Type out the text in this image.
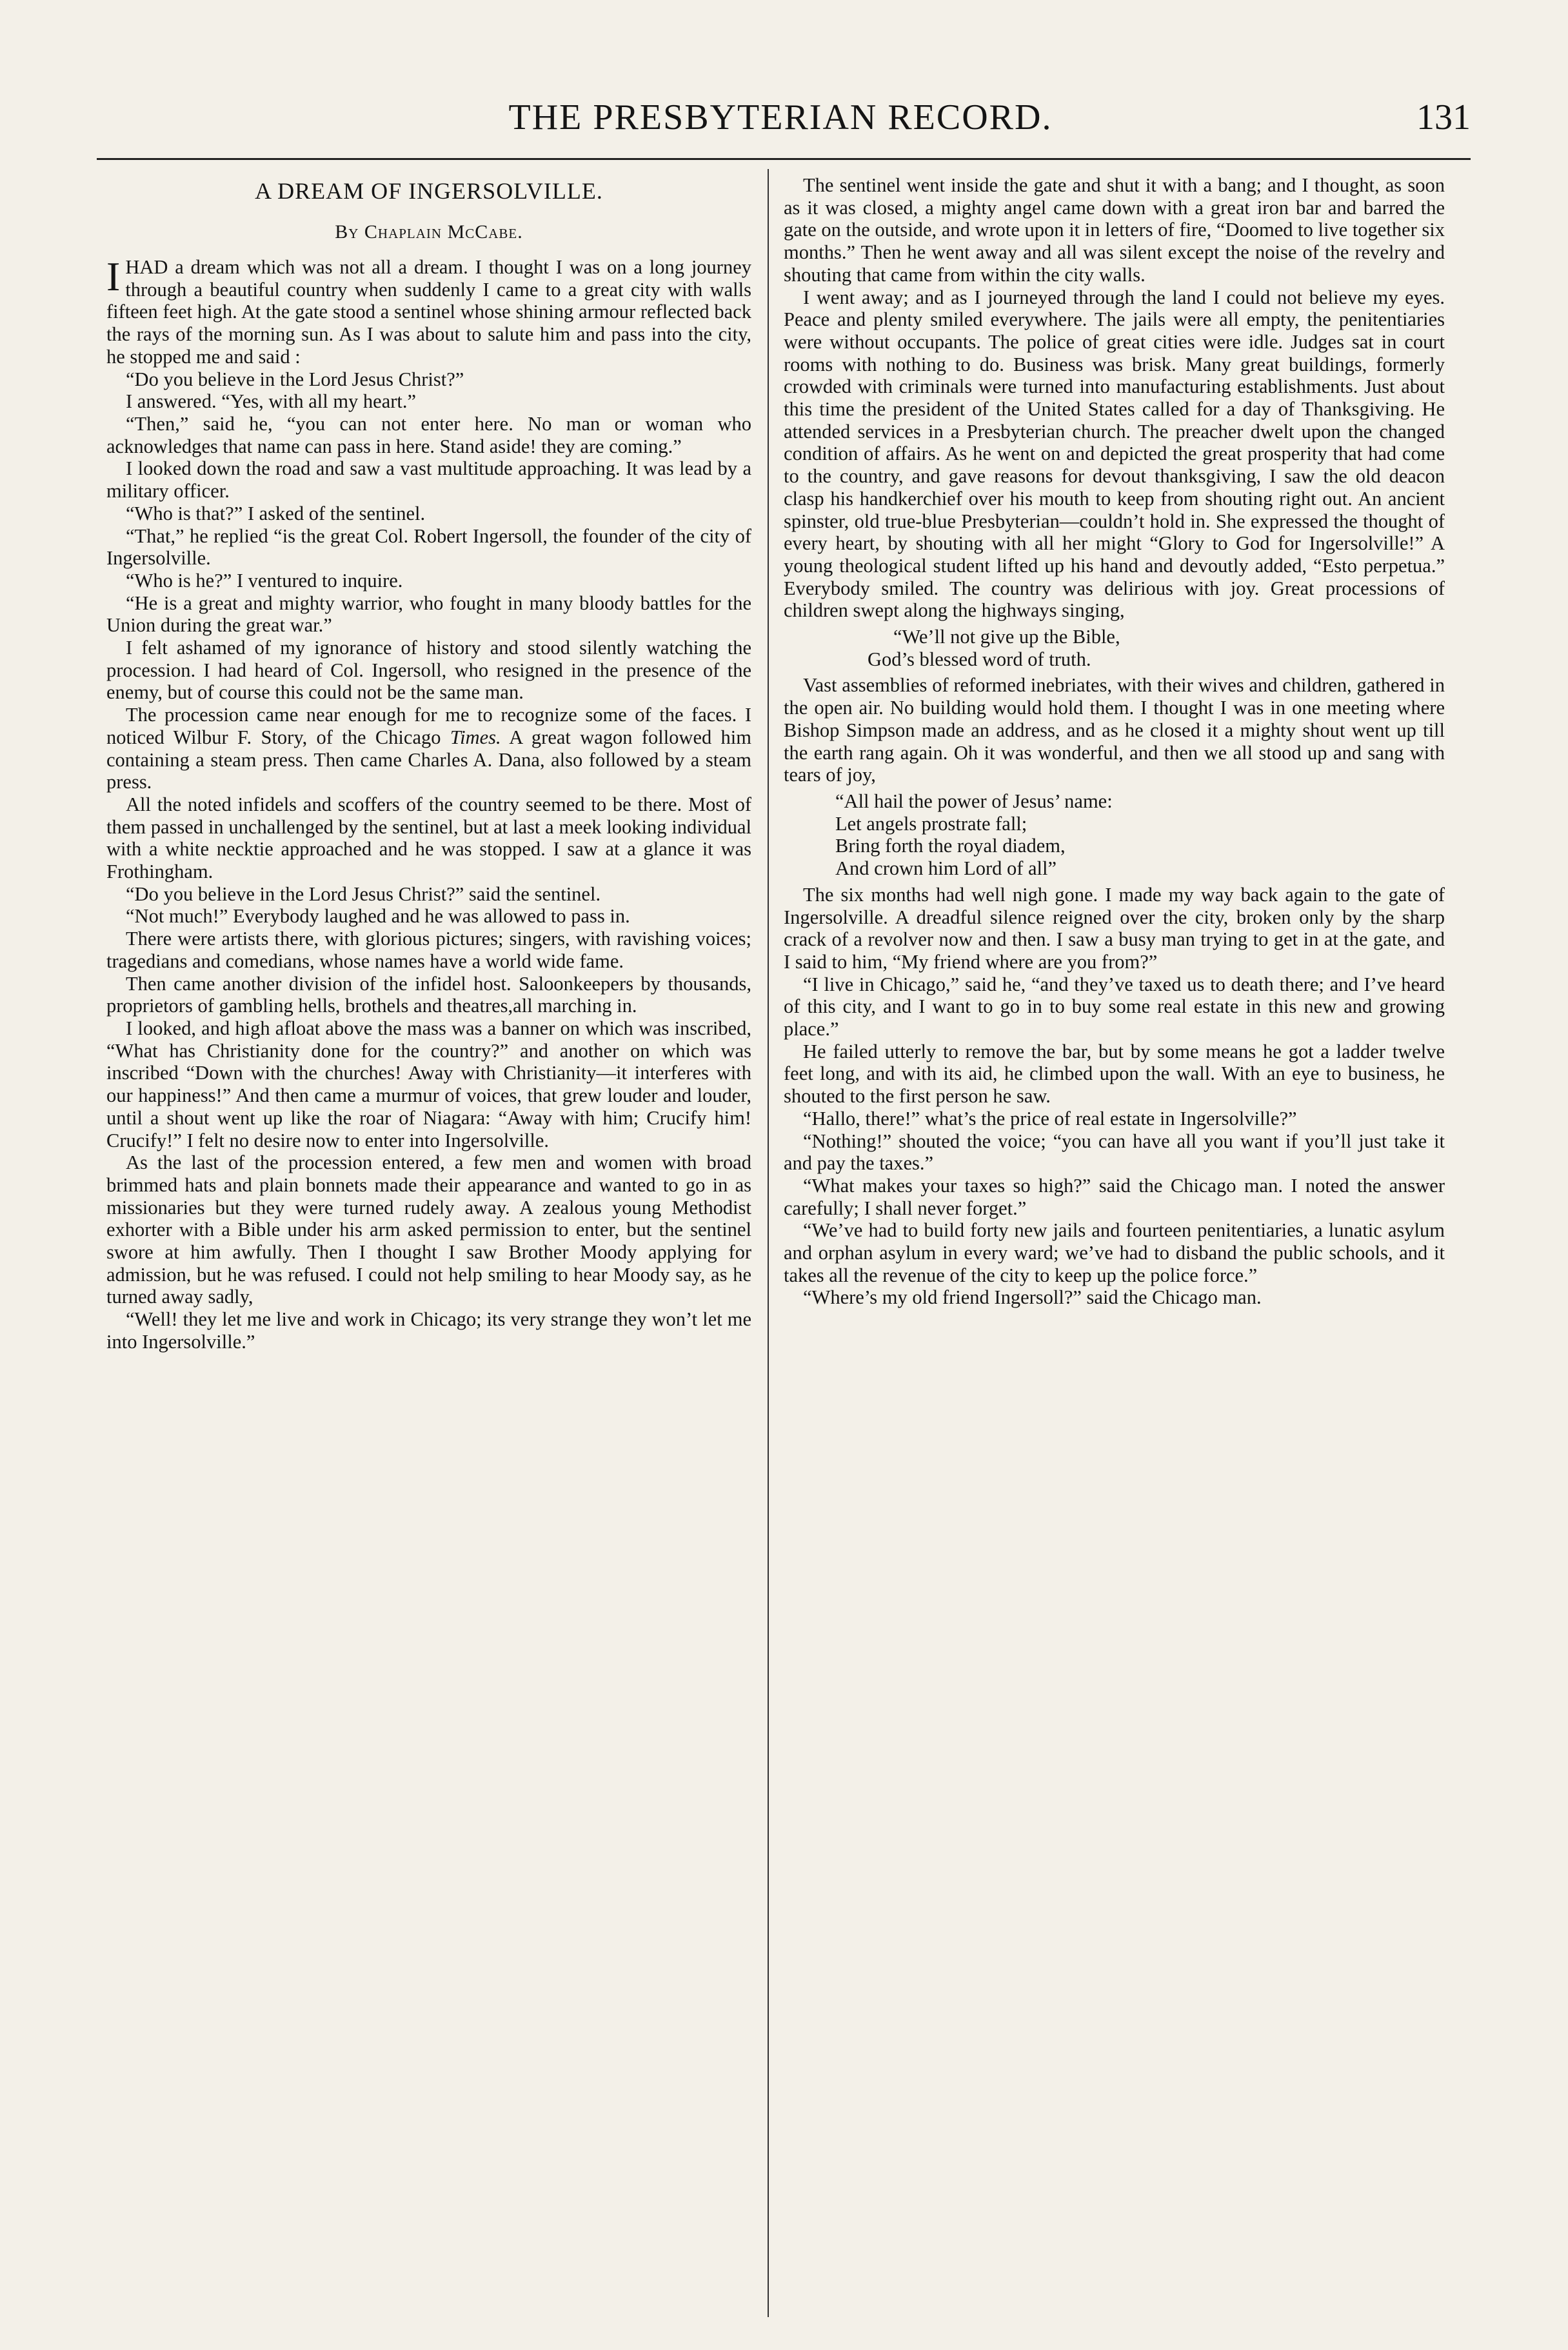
THE PRESBYTERIAN RECORD.	131
A DREAM OF INGERSOLVILLE.
By Chaplain McCabe.

IHAD a dream which was not all a dream. I thought I was on a long journey through a beautiful country when suddenly I came to a great city with walls fifteen feet high. At the gate stood a sentinel whose shining armour reflected back the rays of the morning sun. As I was about to salute him and pass into the city, he stopped me and said :

“Do you believe in the Lord Jesus Christ?”

I answered. “Yes, with all my heart.”

“Then,” said he, “you can not enter here. No man or woman who acknowledges that name can pass in here. Stand aside! they are coming.”

I looked down the road and saw a vast multitude approaching. It was lead by a military officer.

“Who is that?” I asked of the sentinel.

“That,” he replied “is the great Col. Robert Ingersoll, the founder of the city of Ingersolville.

“Who is he?” I ventured to inquire.

“He is a great and mighty warrior, who fought in many bloody battles for the Union during the great war.”

I felt ashamed of my ignorance of history and stood silently watching the procession. I had heard of Col. Ingersoll, who resigned in the presence of the enemy, but of course this could not be the same man.

The procession came near enough for me to recognize some of the faces. I noticed Wilbur F. Story, of the Chicago Times. A great wagon followed him containing a steam press. Then came Charles A. Dana, also followed by a steam press.

All the noted infidels and scoffers of the country seemed to be there. Most of them passed in unchallenged by the sentinel, but at last a meek looking individual with a white necktie approached and he was stopped. I saw at a glance it was Frothingham.

“Do you believe in the Lord Jesus Christ?” said the sentinel.

“Not much!” Everybody laughed and he was allowed to pass in.

There were artists there, with glorious pictures; singers, with ravishing voices; tragedians and comedians, whose names have a world wide fame.

Then came another division of the infidel host. Saloonkeepers by thousands, proprietors of gambling hells, brothels and theatres,all marching in.

I looked, and high afloat above the mass was a banner on which was inscribed, “What has Christianity done for the country?” and another on which was inscribed “Down with the churches! Away with Christianity—it interferes with our happiness!” And then came a murmur of voices, that grew louder and louder, until a shout went up like the roar of Niagara: “Away with him; Crucify him! Crucify!” I felt no desire now to enter into Ingersolville.

As the last of the procession entered, a few men and women with broad brimmed hats and plain bonnets made their appearance and wanted to go in as missionaries but they were turned rudely away. A zealous young Methodist exhorter with a Bible under his arm asked permission to enter, but the sentinel swore at him awfully. Then I thought I saw Brother Moody applying for admission, but he was refused. I could not help smiling to hear Moody say, as he turned away sadly,

“Well! they let me live and work in Chicago; its very strange they won’t let me into Ingersolville.”

The sentinel went inside the gate and shut it with a bang; and I thought, as soon as it was closed, a mighty angel came down with a great iron bar and barred the gate on the outside, and wrote upon it in letters of fire, “Doomed to live together six months.” Then he went away and all was silent except the noise of the revelry and shouting that came from within the city walls.

I went away; and as I journeyed through the land I could not believe my eyes. Peace and plenty smiled everywhere. The jails were all empty, the penitentiaries were without occupants. The police of great cities were idle. Judges sat in court rooms with nothing to do. Business was brisk. Many great buildings, formerly crowded with criminals were turned into manufacturing establishments. Just about this time the president of the United States called for a day of Thanksgiving. He attended services in a Presbyterian church. The preacher dwelt upon the changed condition of affairs. As he went on and depicted the great prosperity that had come to the country, and gave reasons for devout thanksgiving, I saw the old deacon clasp his handkerchief over his mouth to keep from shouting right out. An ancient spinster, old true-blue Presbyterian—couldn’t hold in. She expressed the thought of every heart, by shouting with all her might “Glory to God for Ingersolville!” A young theological student lifted up his hand and devoutly added, “Esto perpetua.” Everybody smiled. The country was delirious with joy. Great processions of children swept along the highways singing,

“We’ll not give up the Bible,
God’s blessed word of truth.

Vast assemblies of reformed inebriates, with their wives and children, gathered in the open air. No building would hold them. I thought I was in one meeting where Bishop Simpson made an address, and as he closed it a mighty shout went up till the earth rang again. Oh it was wonderful, and then we all stood up and sang with tears of joy,

“All hail the power of Jesus’ name:
Let angels prostrate fall;
Bring forth the royal diadem,
And crown him Lord of all”

The six months had well nigh gone. I made my way back again to the gate of Ingersolville. A dreadful silence reigned over the city, broken only by the sharp crack of a revolver now and then. I saw a busy man trying to get in at the gate, and I said to him, “My friend where are you from?”

“I live in Chicago,” said he, “and they’ve taxed us to death there; and I’ve heard of this city, and I want to go in to buy some real estate in this new and growing place.”

He failed utterly to remove the bar, but by some means he got a ladder twelve feet long, and with its aid, he climbed upon the wall. With an eye to business, he shouted to the first person he saw.

“Hallo, there!” what’s the price of real estate in Ingersolville?”

“Nothing!” shouted the voice; “you can have all you want if you’ll just take it and pay the taxes.”

“What makes your taxes so high?” said the Chicago man. I noted the answer carefully; I shall never forget.”

“We’ve had to build forty new jails and fourteen penitentiaries, a lunatic asylum and orphan asylum in every ward; we’ve had to disband the public schools, and it takes all the revenue of the city to keep up the police force.”

“Where’s my old friend Ingersoll?” said the Chicago man.
